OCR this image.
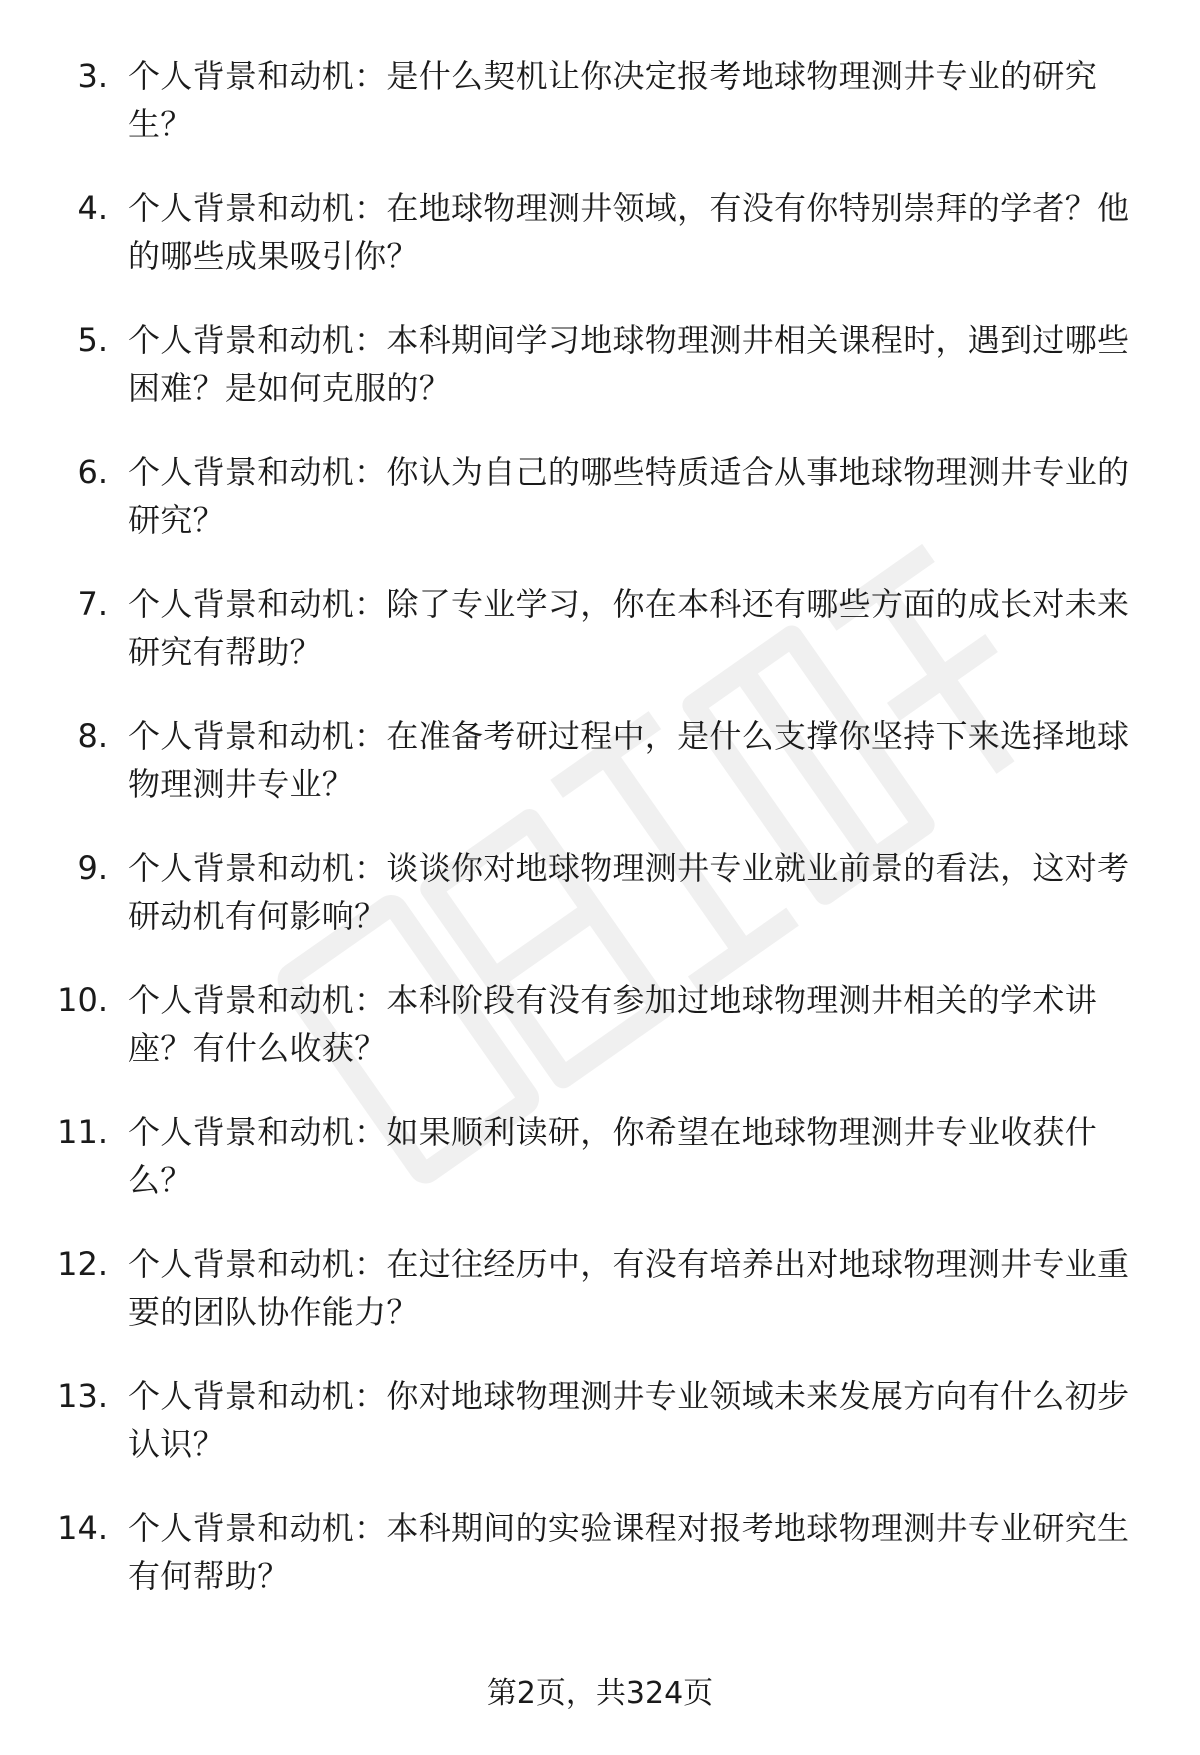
3. 个人背景和动机：是什么契机让你决定报考地球物理测井专业的研究生？
4. 个人背景和动机：在地球物理测井领域，有没有你特别崇拜的学者？他的哪些成果吸引你？
5. 个人背景和动机：本科期间学习地球物理测井相关课程时，遇到过哪些困难？是如何克服的？
6. 个人背景和动机：你认为自己的哪些特质适合从事地球物理测井专业的研究？
7. 个人背景和动机：除了专业学习，你在本科还有哪些方面的成长对未来研究有帮助？
8. 个人背景和动机：在准备考研过程中，是什么支撑你坚持下来选择地球物理测井专业？
9. 个人背景和动机：谈谈你对地球物理测井专业就业前景的看法，这对考研动机有何影响？
10. 个人背景和动机：本科阶段有没有参加过地球物理测井相关的学术讲座？有什么收获？
11. 个人背景和动机：如果顺利读研，你希望在地球物理测井专业收获什么？
12. 个人背景和动机：在过往经历中，有没有培养出对地球物理测井专业重要的团队协作能力？
13. 个人背景和动机：你对地球物理测井专业领域未来发展方向有什么初步认识？
14. 个人背景和动机：本科期间的实验课程对报考地球物理测井专业研究生有何帮助？
第2页，共324页
